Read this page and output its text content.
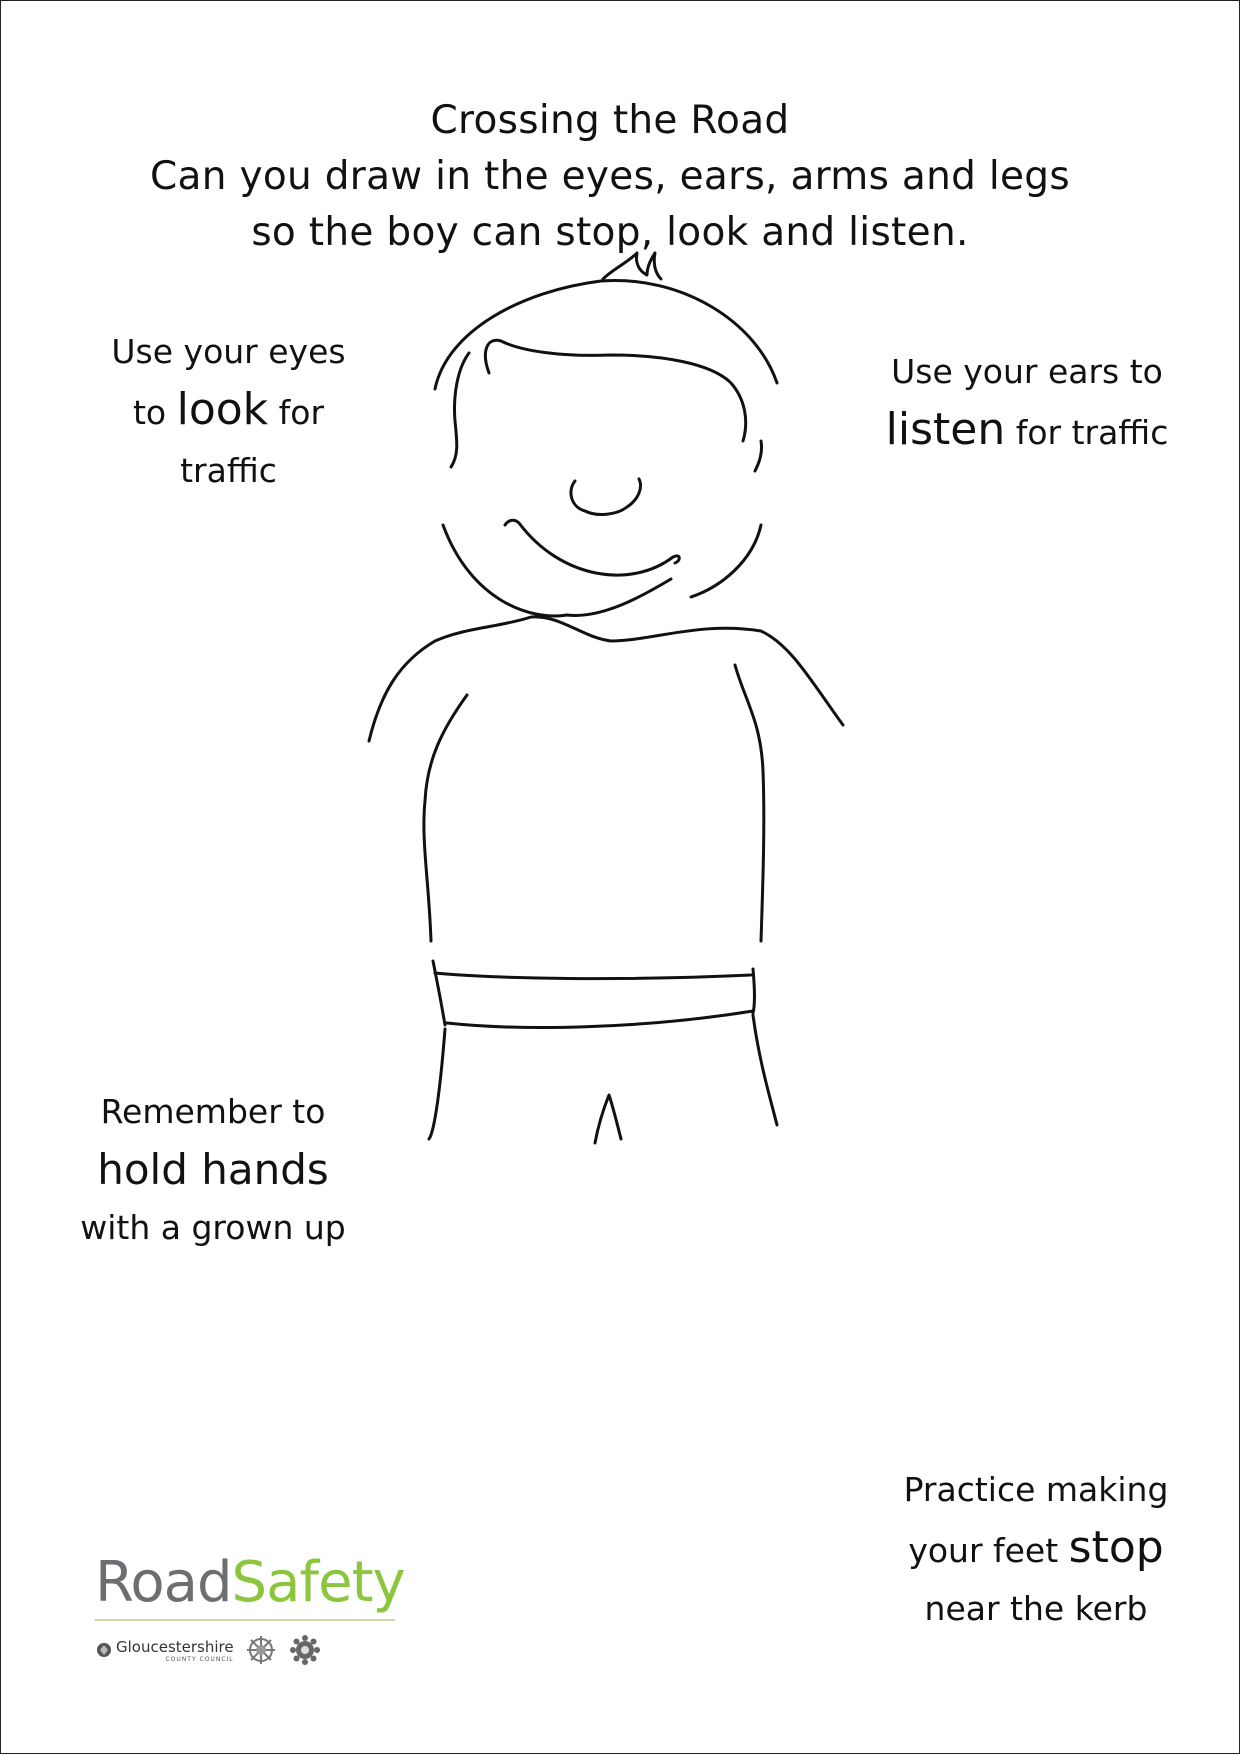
Crossing the Road
Can you draw in the eyes, ears, arms and legs
so the boy can stop, look and listen.
Use your eyes
to look for
traffic
Use your ears to
listen for traffic
Remember to
hold hands
with a grown up
Practice making
your feet stop
near the kerb
RoadSafety
Gloucestershire
COUNTY COUNCIL
